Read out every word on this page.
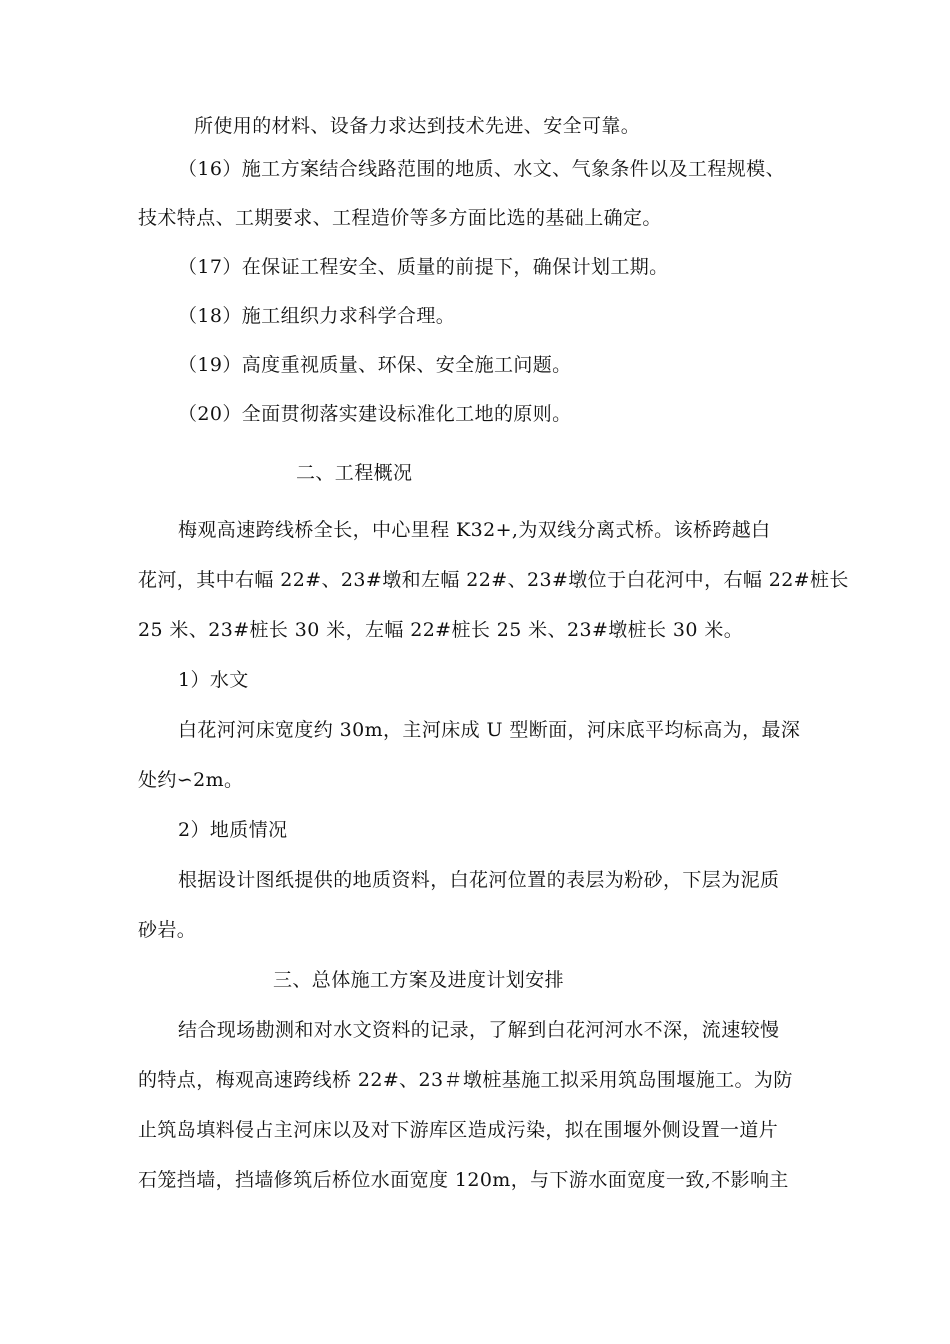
所使用的材料、设备力求达到技术先进、安全可靠。
（16）施工方案结合线路范围的地质、水文、气象条件以及工程规模、
技术特点、工期要求、工程造价等多方面比选的基础上确定。
（17）在保证工程安全、质量的前提下，确保计划工期。
（18）施工组织力求科学合理。
（19）高度重视质量、环保、安全施工问题。
（20）全面贯彻落实建设标准化工地的原则。
二、工程概况
梅观高速跨线桥全长，中心里程 K32+,为双线分离式桥。该桥跨越白
花河，其中右幅 22#、23#墩和左幅 22#、23#墩位于白花河中，右幅 22#桩长
25 米、23#桩长 30 米，左幅 22#桩长 25 米、23#墩桩长 30 米。
1）水文
白花河河床宽度约 30m，主河床成 U 型断面，河床底平均标高为，最深
处约∽2m。
2）地质情况
根据设计图纸提供的地质资料，白花河位置的表层为粉砂，下层为泥质
砂岩。
三、总体施工方案及进度计划安排
结合现场勘测和对水文资料的记录，了解到白花河河水不深，流速较慢
的特点，梅观高速跨线桥 22#、23＃墩桩基施工拟采用筑岛围堰施工。为防
止筑岛填料侵占主河床以及对下游库区造成污染，拟在围堰外侧设置一道片
石笼挡墙，挡墙修筑后桥位水面宽度 120m，与下游水面宽度一致,不影响主
